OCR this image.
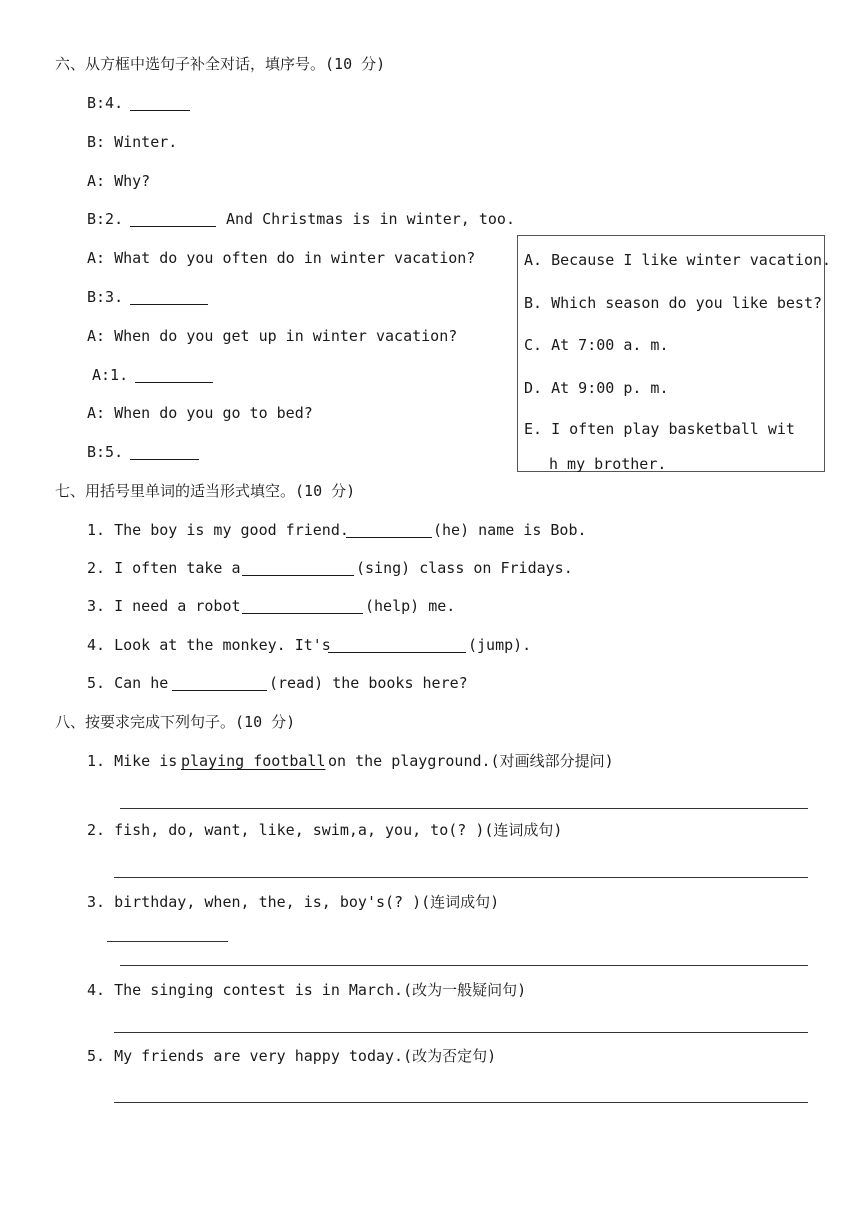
六、从方框中选句子补全对话，填序号。(10 分)
B:4.
B: Winter.
A: Why?
B:2.	And Christmas is in winter, too.
A: What do you often do in winter vacation?
B:3.
A: When do you get up in winter vacation?
A:1.
A: When do you go to bed?
B:5.
A. Because I like winter vacation.
B. Which season do you like best?
C. At 7:00 a. m.
D. At 9:00 p. m.
E. I often play basketball wit
h my brother.
七、用括号里单词的适当形式填空。(10 分)
1. The boy is my good friend.	(he) name is Bob.
2. I often take a	(sing) class on Fridays.
3. I need a robot	(help) me.
4. Look at the monkey. It's	(jump).
5. Can he	(read) the books here?
八、按要求完成下列句子。(10 分)
1. Mike is playing football on the playground.(对画线部分提问)
2. fish, do, want, like, swim,a, you, to(? )(连词成句)
3. birthday, when, the, is, boy's(? )(连词成句)
4. The singing contest is in March.(改为一般疑问句)
5. My friends are very happy today.(改为否定句)
